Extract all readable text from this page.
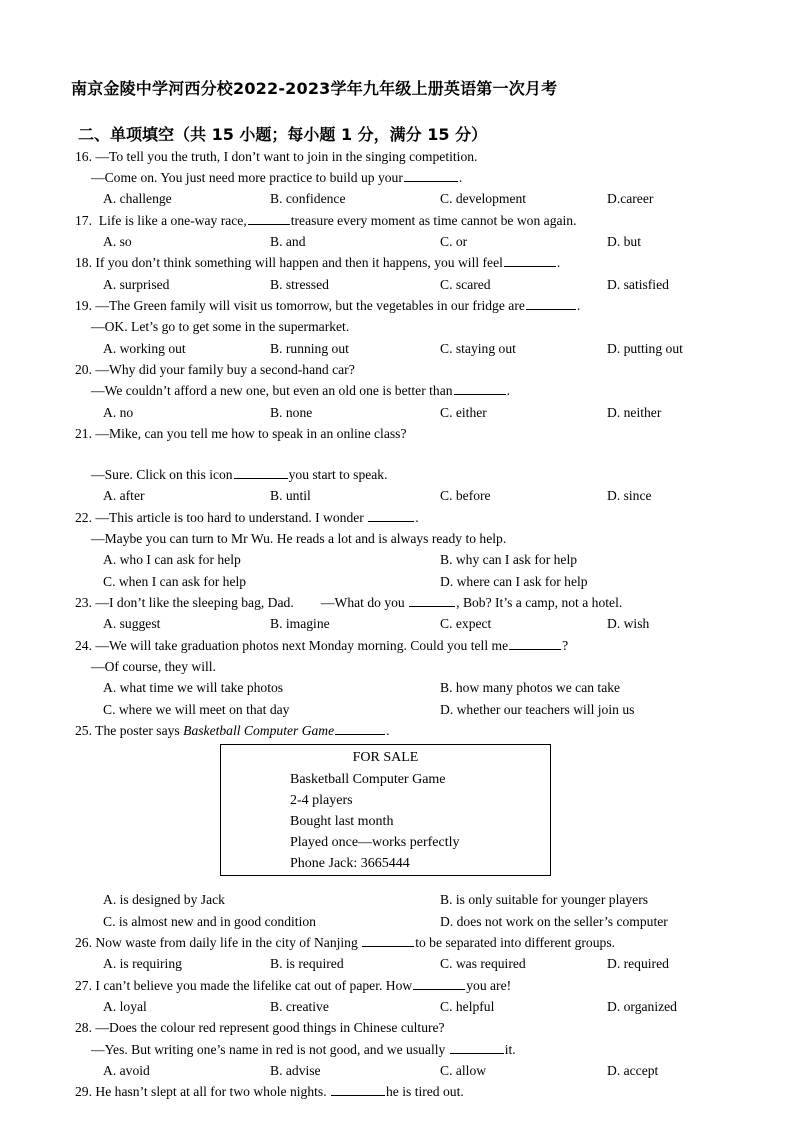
南京金陵中学河西分校2022-2023学年九年级上册英语第一次月考
二、单项填空（共 15 小题；每小题 1 分，满分 15 分）
16. —To tell you the truth, I don’t want to join in the singing competition.
—Come on. You just need more practice to build up your	.
A. challenge	B. confidence	C. development	D.career
17. Life is like a one-way race,	treasure every moment as time cannot be won again.
A. so	B. and	C. or	D. but
18. If you don’t think something will happen and then it happens, you will feel	.
A. surprised	B. stressed	C. scared	D. satisfied
19. —The Green family will visit us tomorrow, but the vegetables in our fridge are	.
—OK. Let’s go to get some in the supermarket.
A. working out	B. running out	C. staying out	D. putting out
20. —Why did your family buy a second-hand car?
—We couldn’t afford a new one, but even an old one is better than	.
A. no	B. none	C. either	D. neither
21. —Mike, can you tell me how to speak in an online class?
—Sure. Click on this icon	you start to speak.
A. after	B. until	C. before	D. since
22. —This article is too hard to understand. I wonder	.
—Maybe you can turn to Mr Wu. He reads a lot and is always ready to help.
A. who I can ask for help	B. why can I ask for help
C. when I can ask for help	D. where can I ask for help
23. —I don’t like the sleeping bag, Dad.        —What do you	, Bob? It’s a camp, not a hotel.
A. suggest	B. imagine	C. expect	D. wish
24. —We will take graduation photos next Monday morning. Could you tell me	?
—Of course, they will.
A. what time we will take photos	B. how many photos we can take
C. where we will meet on that day	D. whether our teachers will join us
25. The poster says Basketball Computer Game	.
FOR SALE
Basketball Computer Game
2-4 players
Bought last month
Played once—works perfectly
Phone Jack: 3665444
A. is designed by Jack	B. is only suitable for younger players
C. is almost new and in good condition	D. does not work on the seller’s computer
26. Now waste from daily life in the city of Nanjing	to be separated into different groups.
A. is requiring	B. is required	C. was required	D. required
27. I can’t believe you made the lifelike cat out of paper. How	you are!
A. loyal	B. creative	C. helpful	D. organized
28. —Does the colour red represent good things in Chinese culture?
—Yes. But writing one’s name in red is not good, and we usually	it.
A. avoid	B. advise	C. allow	D. accept
29. He hasn’t slept at all for two whole nights.	he is tired out.
